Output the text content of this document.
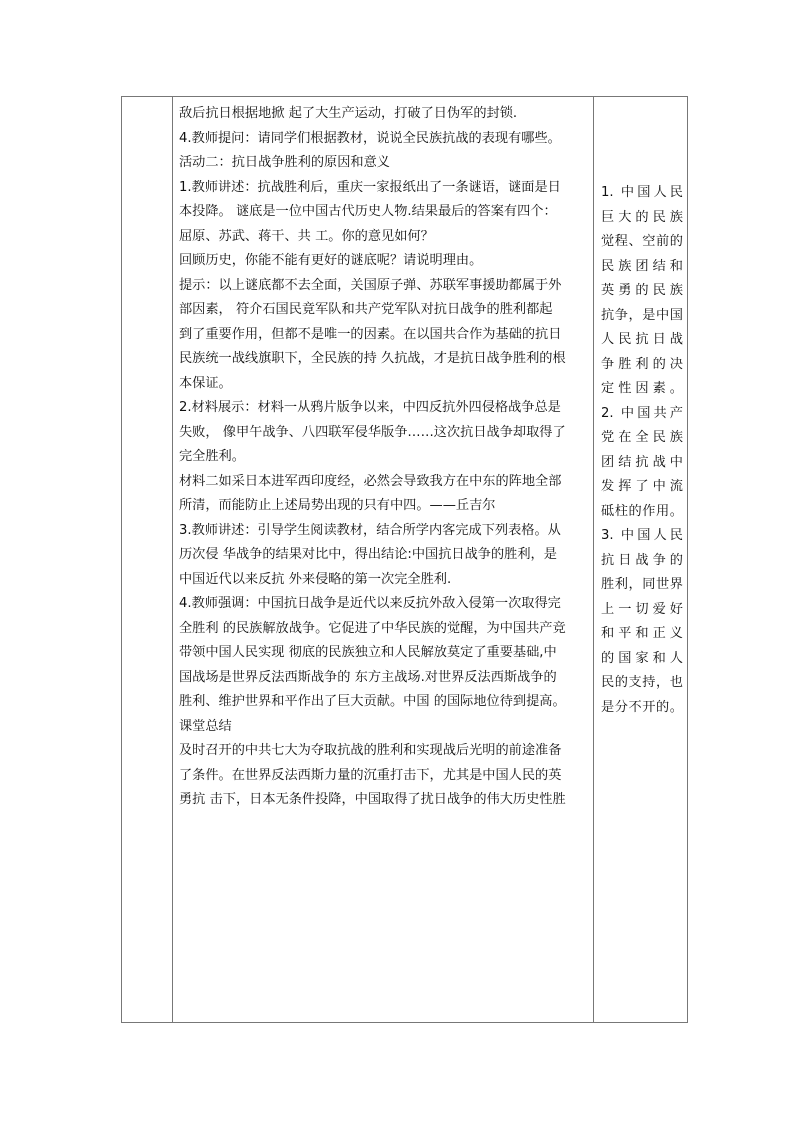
敌后抗日根据地掀 起了大生产运动，打破了日伪军的封锁.
4.教师提问：请同学们根据教材，说说全民族抗战的表现有哪些。
活动二：抗日战争胜利的原因和意义
1.教师讲述：抗战胜利后，重庆一家报纸出了一条谜语，谜面是日
本投降。 谜底是一位中国古代历史人物.结果最后的答案有四个：
屈原、苏武、蒋干、共 工。你的意见如何？
回顾历史，你能不能有更好的谜底呢？请说明理由。
提示：以上谜底都不去全面，关国原子弹、苏联军事援助都属于外
部因素， 符介石国民竟军队和共产党军队对抗日战争的胜利都起
到了重要作用，但都不是唯一的因素。在以国共合作为基础的抗日
民族统一战线旗职下，全民族的持 久抗战，才是抗日战争胜利的根
本保证。
2.材料展示：材料一从鸦片版争以来，中四反抗外四侵格战争总是
失败， 像甲午战争、八四联军侵华版争……这次抗日战争却取得了
完全胜利。
材料二如采日本进军西印度经，必然会导致我方在中东的阵地全部
所清，而能防止上述局势出现的只有中四。——丘吉尔
3.教师讲述：引导学生阅读教材，结合所学内客完成下列表格。从
历次侵 华战争的结果对比中，得出结论:中国抗日战争的胜利，是
中国近代以来反抗 外来侵略的第一次完全胜利.
4.教师强调：中国抗日战争是近代以来反抗外敌入侵第一次取得完
全胜利 的民族解放战争。它促进了中华民族的觉醒，为中国共产竞
带领中国人民实现 彻底的民族独立和人民解放莫定了重要基础,中
国战场是世界反法西斯战争的 东方主战场.对世界反法西斯战争的
胜利、维护世界和平作出了巨大贡献。中国 的国际地位待到提高。
课堂总结
及时召开的中共七大为夺取抗战的胜利和实现战后光明的前途准备
了条件。在世界反法西斯力量的沉重打击下，尤其是中国人民的英
勇抗 击下，日本无条件投降，中国取得了扰日战争的伟大历史性胜
1. 中国人民
巨大的民族
觉程、空前的
民族团结和
英勇的民族
抗争，是中国
人民抗日战
争胜利的决
定性因素。
2. 中国共产
党在全民族
团结抗战中
发挥了中流
砥柱的作用。
3. 中国人民
抗日战争的
胜利，同世界
上一切爱好
和平和正义
的国家和人
民的支持，也
是分不开的。
